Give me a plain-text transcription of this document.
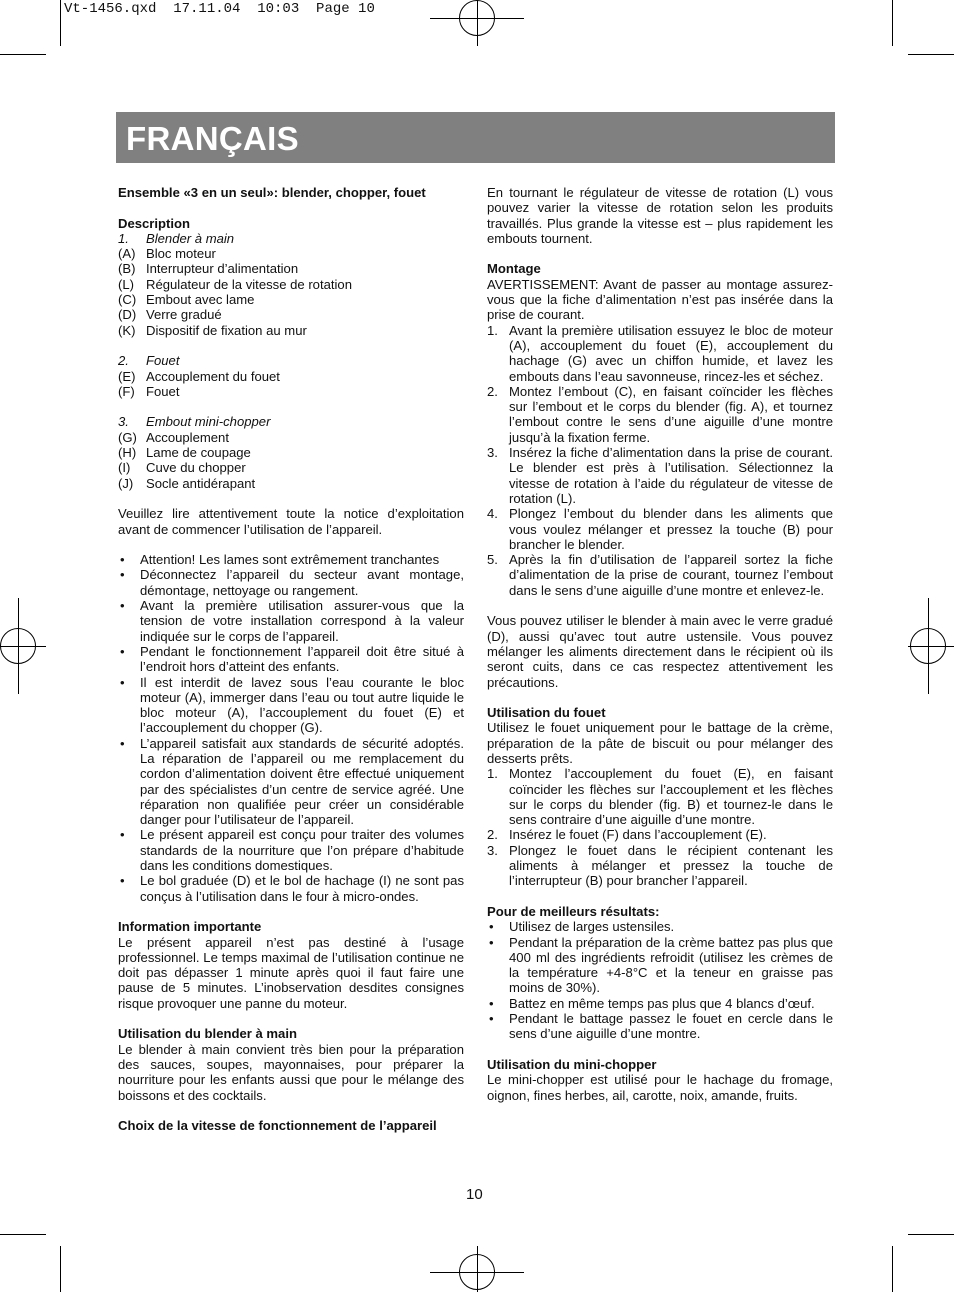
Vt-1456.qxd  17.11.04  10:03  Page 10
FRANÇAIS

Ensemble «3 en un seul»: blender, chopper, fouet

Description

1.	Blender à main
(A) Bloc moteur
(B) Interrupteur d’alimentation
(L) Régulateur de la vitesse de rotation
(C) Embout avec lame
(D) Verre gradué
(K) Dispositif de fixation au mur
2.	Fouet
(E) Accouplement du fouet
(F) Fouet
3.	Embout mini-chopper
(G) Accouplement
(H) Lame de coupage
(I)	Cuve du chopper
(J) Socle antidérapant

Veuillez lire attentivement toute la notice d’exploitation avant de commencer l’utilisation de l’appareil.

•	Attention! Les lames sont extrêmement tranchantes
•	Déconnectez l’appareil du secteur avant montage, démontage, nettoyage ou rangement.
•	Avant la première utilisation assurer-vous que la tension de votre installation correspond à la valeur indiquée sur le corps de l’appareil.
•	Pendant le fonctionnement l’appareil doit être situé à l’endroit hors d’atteint des enfants.
•	Il est interdit de lavez sous l’eau courante le bloc moteur (A), immerger dans l’eau ou tout autre liquide le bloc moteur (A), l’accouplement du fouet (E) et l’accouplement du chopper (G).
•	L’appareil satisfait aux standards de sécurité adoptés. La réparation de l’appareil ou me remplacement du cordon d’alimentation doivent être effectué uniquement par des spécialistes d’un centre de service agréé. Une réparation non qualifiée peur créer un considérable danger pour l’utilisateur de l’appareil.
•	Le présent appareil est conçu pour traiter des volumes standards de la nourriture que l’on prépare d’habitude dans les conditions domestiques.
•	Le bol graduée (D) et le bol de hachage (I) ne sont pas conçus à l’utilisation dans le four à micro-ondes.

Information importante

Le présent appareil n’est pas destiné à l’usage professionnel. Le temps maximal de l’utilisation continue ne doit pas dépasser 1 minute après quoi il faut faire une pause de 5 minutes. L’inobservation desdites consignes risque provoquer une panne du moteur.

Utilisation du blender à main

Le blender à main convient très bien pour la préparation des sauces, soupes, mayonnaises, pour préparer la nourriture pour les enfants aussi que pour le mélange des boissons et des cocktails.

Choix de la vitesse de fonctionnement de l’appareil

En tournant le régulateur de vitesse de rotation (L) vous pouvez varier la vitesse de rotation selon les produits travaillés. Plus grande la vitesse est – plus rapidement les embouts tournent.

Montage

AVERTISSEMENT: Avant de passer au montage assurez-vous que la fiche d’alimentation n’est pas insérée dans la prise de courant.

1. Avant la première utilisation essuyez le bloc de moteur (A), accouplement du fouet (E), accouplement du hachage (G) avec un chiffon humide, et lavez les embouts dans l’eau savonneuse, rincez-les et séchez.
2. Montez l’embout (C), en faisant coïncider les flèches sur l’embout et le corps du blender (fig. A), et tournez l’embout contre le sens d’une aiguille d’une montre jusqu’à la fixation ferme.
3. Insérez la fiche d’alimentation dans la prise de courant. Le blender est près à l’utilisation. Sélectionnez la vitesse de rotation à l’aide du régulateur de vitesse de rotation (L).
4. Plongez l’embout du blender dans les aliments que vous voulez mélanger et pressez la touche (B) pour brancher le blender.
5. Après la fin d’utilisation de l’appareil sortez la fiche d’alimentation de la prise de courant, tournez l’embout dans le sens d’une aiguille d’une montre et enlevez-le.

Vous pouvez utiliser le blender à main avec le verre gradué (D), aussi qu’avec tout autre ustensile. Vous pouvez mélanger les aliments directement dans le récipient où ils seront cuits, dans ce cas respectez attentivement les précautions.

Utilisation du fouet

Utilisez le fouet uniquement pour le battage de la crème, préparation de la pâte de biscuit ou pour mélanger des desserts prêts.

1. Montez l’accouplement du fouet (E), en faisant coïncider les flèches sur l’accouplement et les flèches sur le corps du blender (fig. B) et tournez-le dans le sens contraire d’une aiguille d’une montre.
2. Insérez le fouet (F) dans l’accouplement (E).
3. Plongez le fouet dans le récipient contenant les aliments à mélanger et pressez la touche de l’interrupteur (B) pour brancher l’appareil.

Pour de meilleurs résultats:

•	Utilisez de larges ustensiles.
•	Pendant la préparation de la crème battez pas plus que 400 ml des ingrédients refroidit (utilisez les crèmes de la température +4-8°C et la teneur en graisse pas moins de 30%).
•	Battez en même temps pas plus que 4 blancs d’œuf.
•	Pendant le battage passez le fouet en cercle dans le sens d’une aiguille d’une montre.

Utilisation du mini-chopper

Le mini-chopper est utilisé pour le hachage du fromage, oignon, fines herbes, ail, carotte, noix, amande, fruits.

10
